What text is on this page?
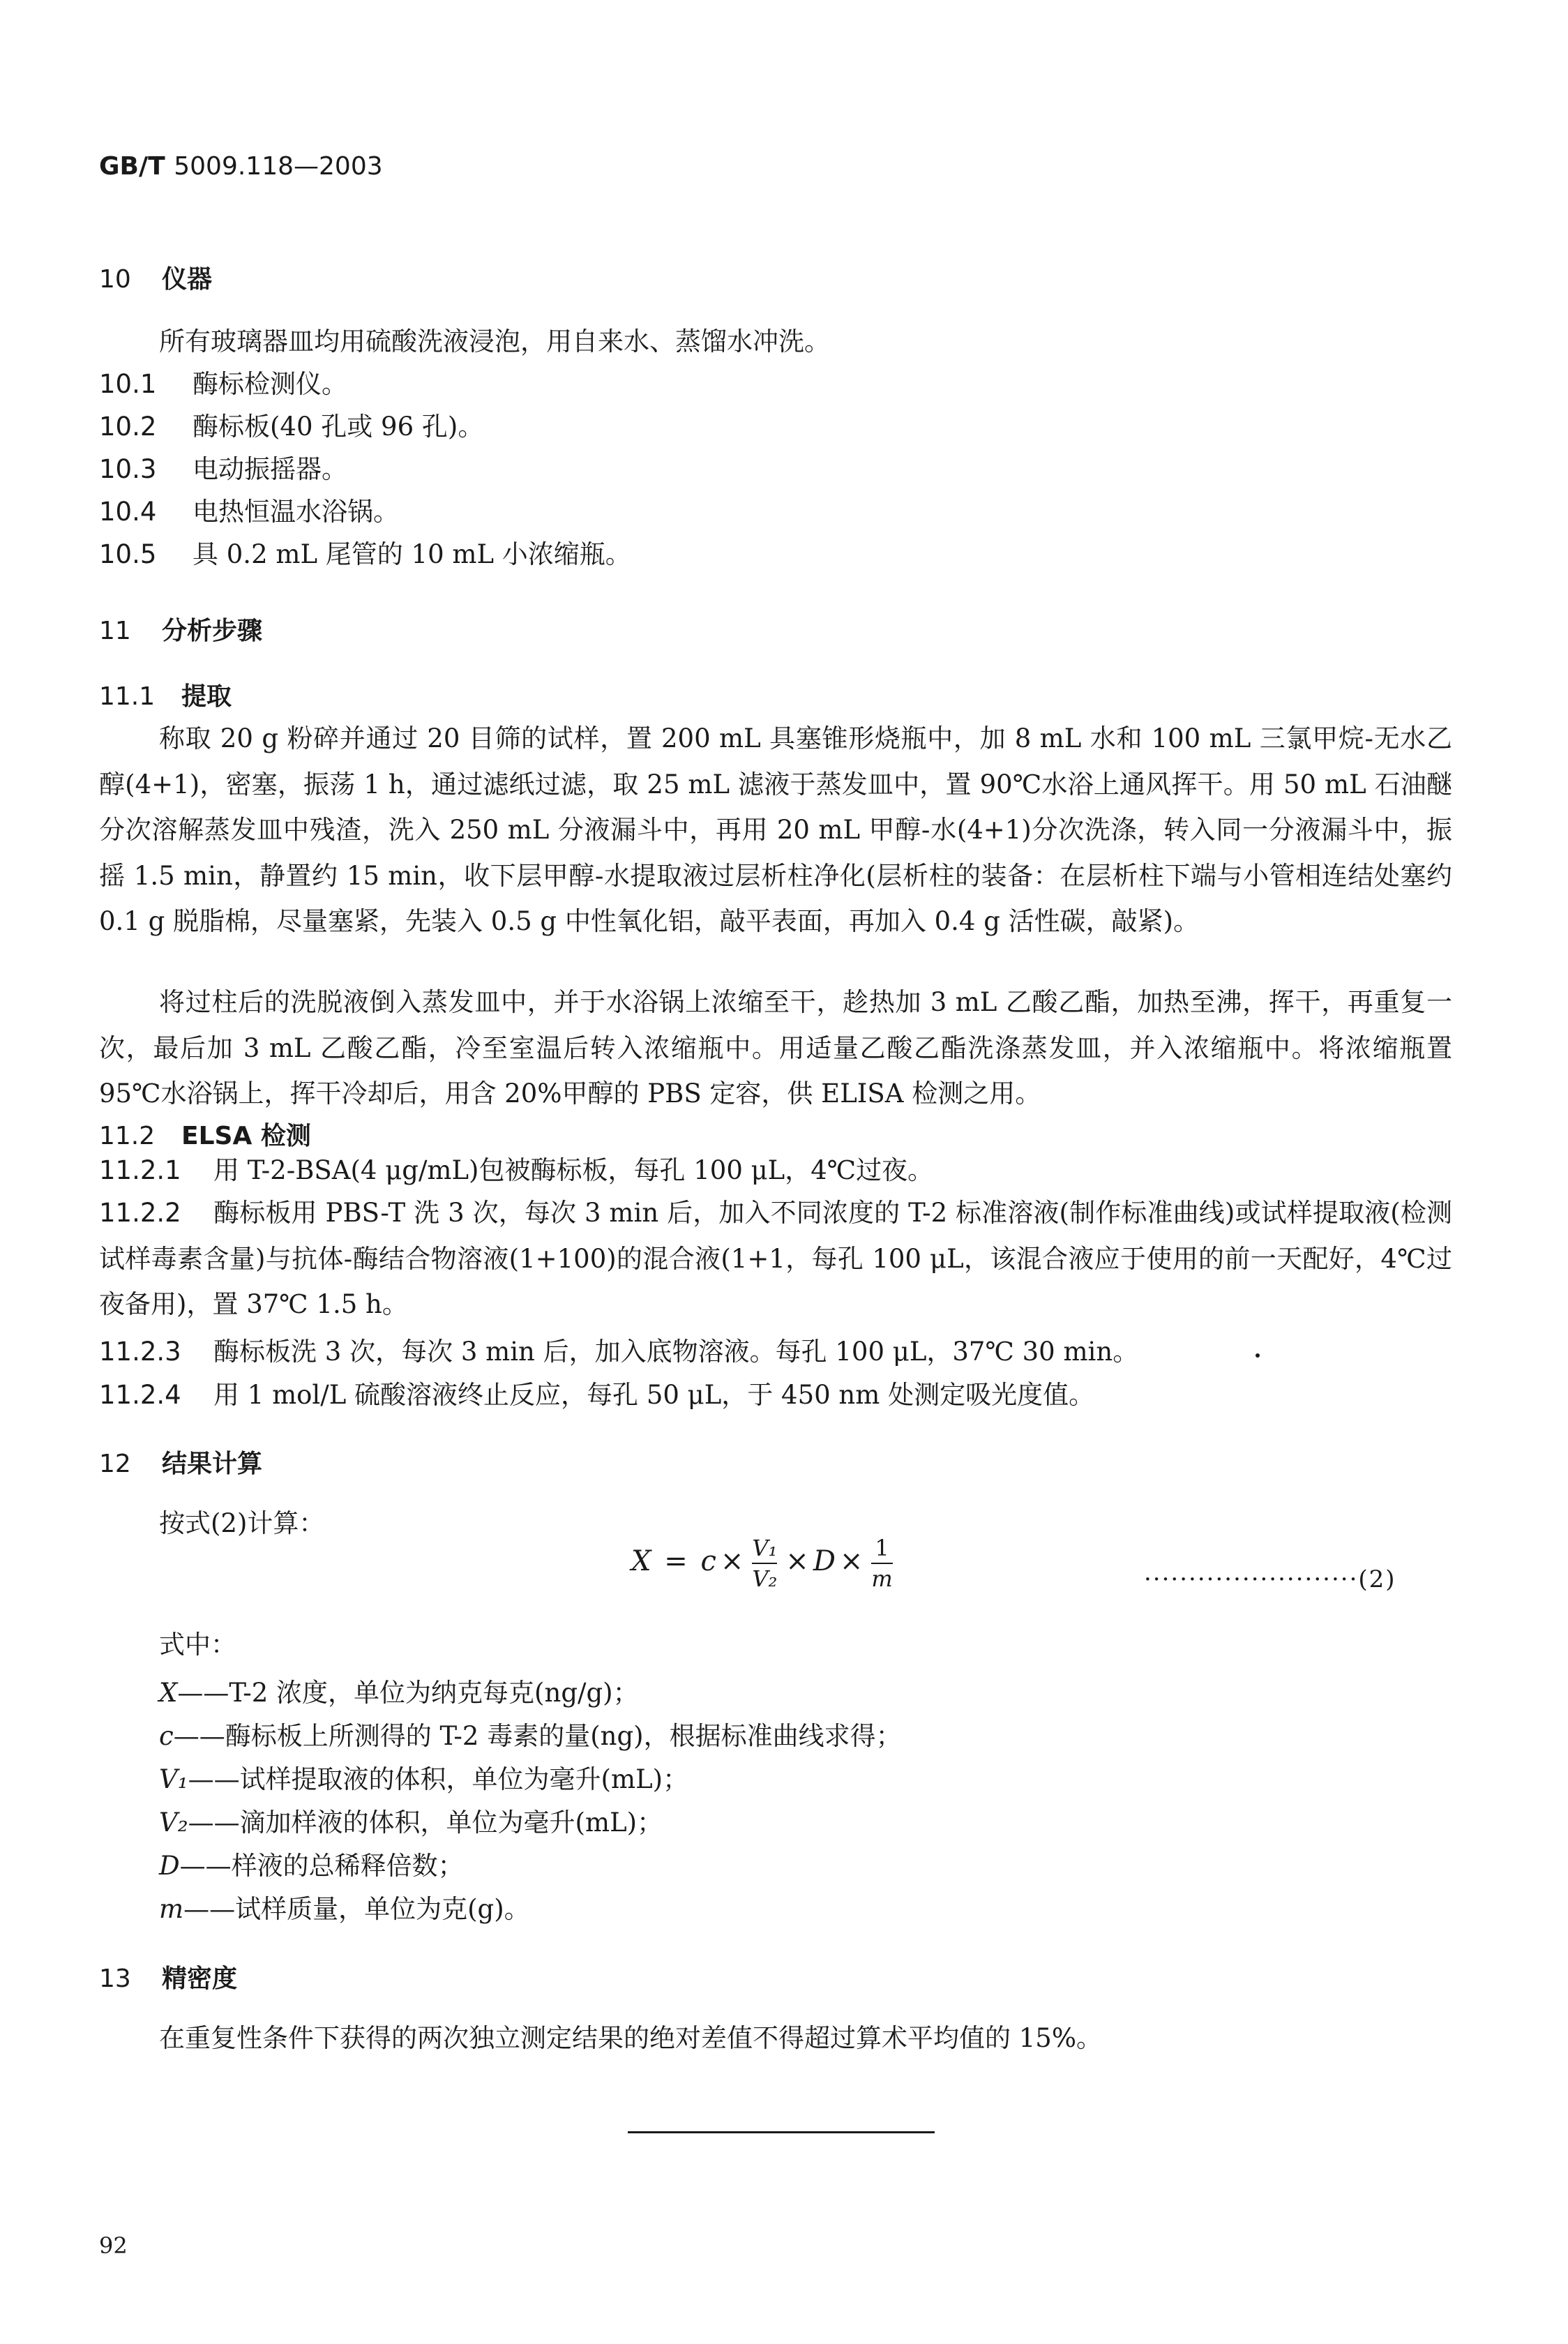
GB/T 5009.118—2003
10 仪器
所有玻璃器皿均用硫酸洗液浸泡，用自来水、蒸馏水冲洗。
10.1 酶标检测仪。
10.2 酶标板(40 孔或 96 孔)。
10.3 电动振摇器。
10.4 电热恒温水浴锅。
10.5 具 0.2 mL 尾管的 10 mL 小浓缩瓶。
11 分析步骤
11.1 提取
称取 20 g 粉碎并通过 20 目筛的试样，置 200 mL 具塞锥形烧瓶中，加 8 mL 水和 100 mL 三氯甲烷-无水乙醇(4+1)，密塞，振荡 1 h，通过滤纸过滤，取 25 mL 滤液于蒸发皿中，置 90℃水浴上通风挥干。用 50 mL 石油醚分次溶解蒸发皿中残渣，洗入 250 mL 分液漏斗中，再用 20 mL 甲醇-水(4+1)分次洗涤，转入同一分液漏斗中，振摇 1.5 min，静置约 15 min，收下层甲醇-水提取液过层析柱净化(层析柱的装备：在层析柱下端与小管相连结处塞约 0.1 g 脱脂棉，尽量塞紧，先装入 0.5 g 中性氧化铝，敲平表面，再加入 0.4 g 活性碳，敲紧)。
将过柱后的洗脱液倒入蒸发皿中，并于水浴锅上浓缩至干，趁热加 3 mL 乙酸乙酯，加热至沸，挥干，再重复一次，最后加 3 mL 乙酸乙酯，冷至室温后转入浓缩瓶中。用适量乙酸乙酯洗涤蒸发皿，并入浓缩瓶中。将浓缩瓶置 95℃水浴锅上，挥干冷却后，用含 20%甲醇的 PBS 定容，供 ELISA 检测之用。
11.2 ELSA 检测
11.2.1 用 T-2-BSA(4 μg/mL)包被酶标板，每孔 100 μL，4℃过夜。
11.2.2 酶标板用 PBS-T 洗 3 次，每次 3 min 后，加入不同浓度的 T-2 标准溶液(制作标准曲线)或试样提取液(检测试样毒素含量)与抗体-酶结合物溶液(1+100)的混合液(1+1，每孔 100 μL，该混合液应于使用的前一天配好，4℃过夜备用)，置 37℃ 1.5 h。
11.2.3 酶标板洗 3 次，每次 3 min 后，加入底物溶液。每孔 100 μL，37℃ 30 min。
11.2.4 用 1 mol/L 硫酸溶液终止反应，每孔 50 μL，于 450 nm 处测定吸光度值。
12 结果计算
按式(2)计算：
$X = c \times \frac{\text{V₁}}{\text{V₂}} \times D \times \frac{1}{m}$	························(2)
式中：
X——T-2 浓度，单位为纳克每克(ng/g)；
c——酶标板上所测得的 T-2 毒素的量(ng)，根据标准曲线求得；
V₁——试样提取液的体积，单位为毫升(mL)；
V₂——滴加样液的体积，单位为毫升(mL)；
D——样液的总稀释倍数；
m——试样质量，单位为克(g)。
13 精密度
在重复性条件下获得的两次独立测定结果的绝对差值不得超过算术平均值的 15%。
92
